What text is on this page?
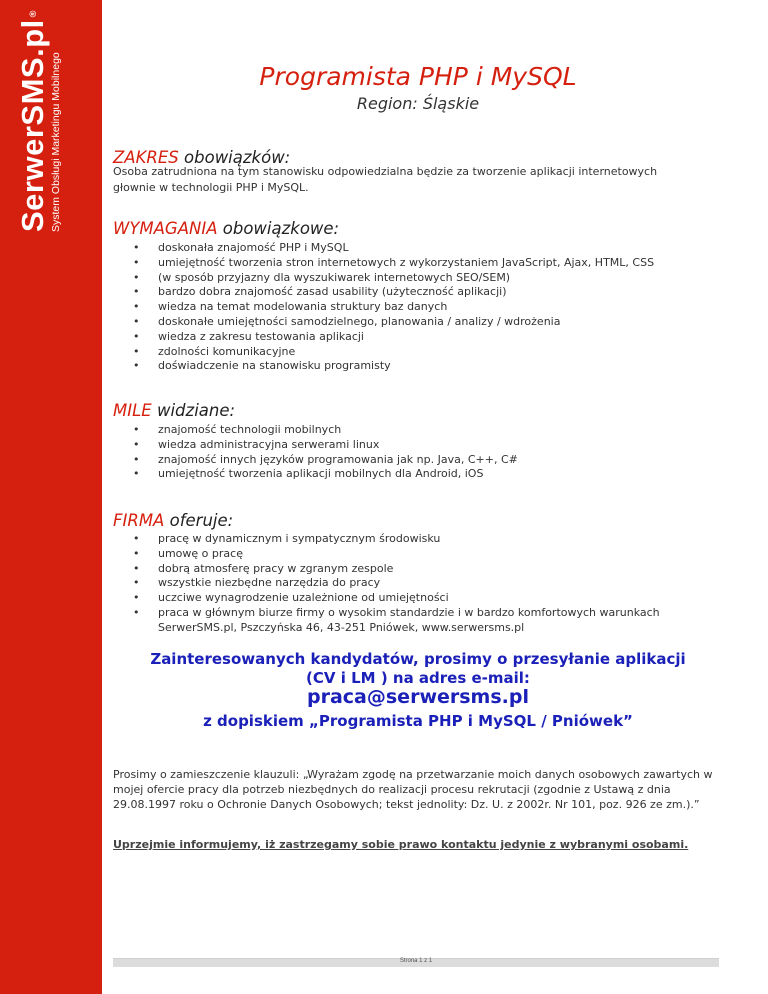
SerwerSMS.pl®
System Obsługi Marketingu Mobilnego	Programista PHP i MySQL
Region: Śląskie
ZAKRES obowiązków:
Osoba zatrudniona na tym stanowisku odpowiedzialna będzie za tworzenie aplikacji internetowych głownie w technologii PHP i MySQL.
WYMAGANIA obowiązkowe:
• doskonała znajomość PHP i MySQL
• umiejętność tworzenia stron internetowych z wykorzystaniem JavaScript, Ajax, HTML, CSS
• (w sposób przyjazny dla wyszukiwarek internetowych SEO/SEM)
• bardzo dobra znajomość zasad usability (użyteczność aplikacji)
• wiedza na temat modelowania struktury baz danych
• doskonałe umiejętności samodzielnego, planowania / analizy / wdrożenia
• wiedza z zakresu testowania aplikacji
• zdolności komunikacyjne
• doświadczenie na stanowisku programisty
MILE widziane:
• znajomość technologii mobilnych
• wiedza administracyjna serwerami linux
• znajomość innych języków programowania jak np. Java, C++, C#
• umiejętność tworzenia aplikacji mobilnych dla Android, iOS
FIRMA oferuje:
• pracę w dynamicznym i sympatycznym środowisku
• umowę o pracę
• dobrą atmosferę pracy w zgranym zespole
• wszystkie niezbędne narzędzia do pracy
• uczciwe wynagrodzenie uzależnione od umiejętności
• praca w głównym biurze firmy o wysokim standardzie i w bardzo komfortowych warunkach SerwerSMS.pl, Pszczyńska 46, 43-251 Pniówek, www.serwersms.pl
Zainteresowanych kandydatów, prosimy o przesyłanie aplikacji
(CV i LM ) na adres e-mail:
praca@serwersms.pl
z dopiskiem „Programista PHP i MySQL / Pniówek”
Prosimy o zamieszczenie klauzuli: „Wyrażam zgodę na przetwarzanie moich danych osobowych zawartych w mojej ofercie pracy dla potrzeb niezbędnych do realizacji procesu rekrutacji (zgodnie z Ustawą z dnia 29.08.1997 roku o Ochronie Danych Osobowych; tekst jednolity: Dz. U. z 2002r. Nr 101, poz. 926 ze zm.).”
Uprzejmie informujemy, iż zastrzegamy sobie prawo kontaktu jedynie z wybranymi osobami.
Strona 1 z 1
